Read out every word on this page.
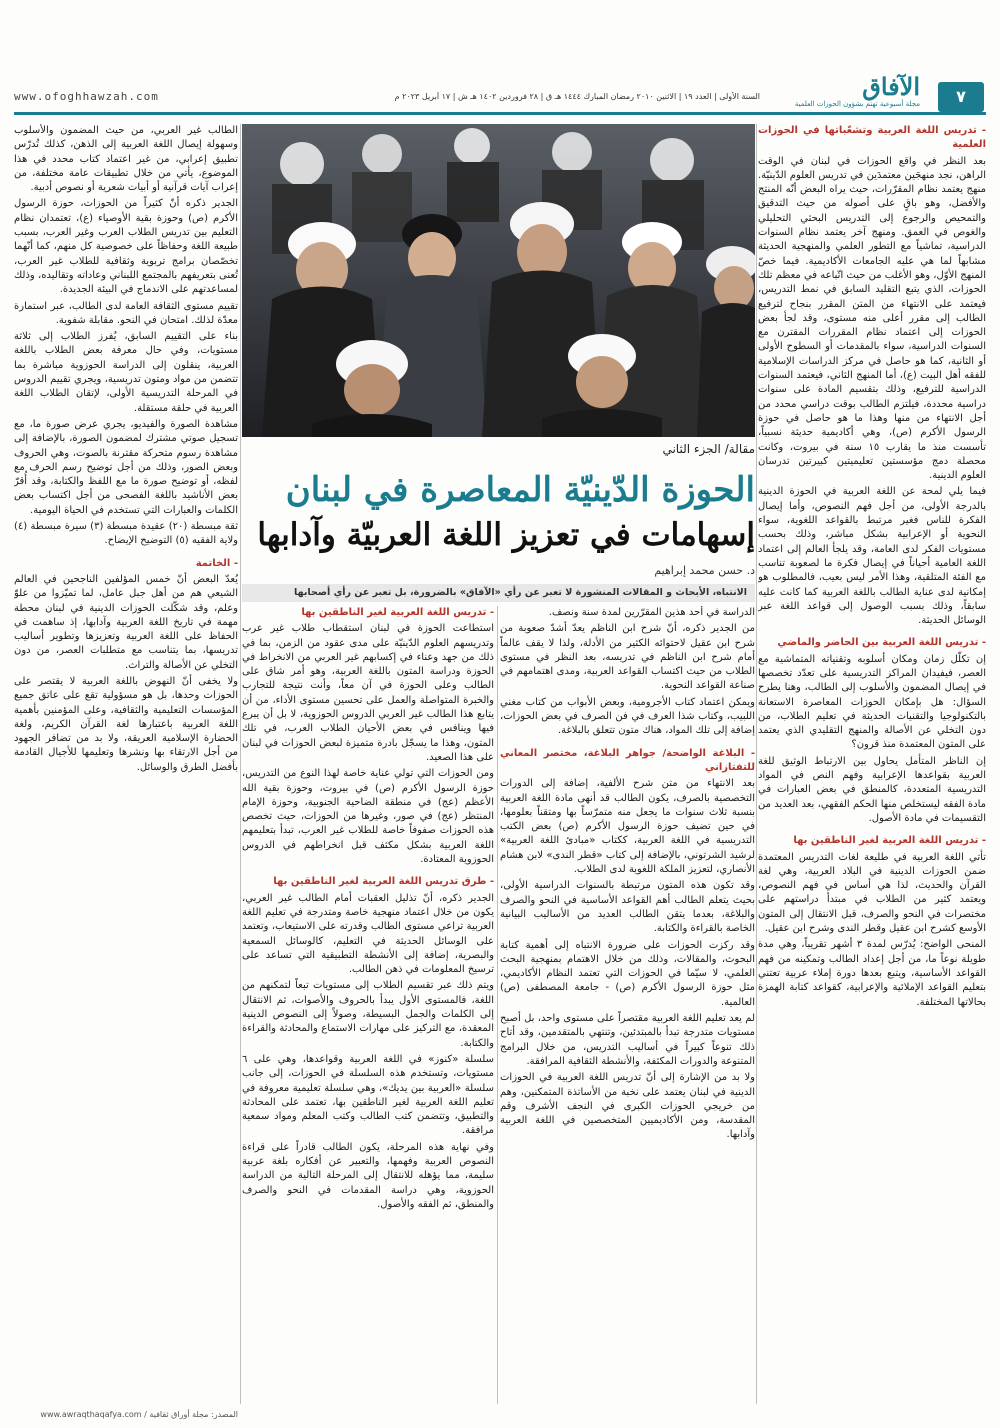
www.ofoghhawzah.com	السنة الأولى | العدد ١٩ | الاثنين ٢٠١٠ رمضان المبارك ١٤٤٤ هـ ق | ٢٨ فروردين ١٤٠٢ هـ ش | ١٧ أبريل ٢٠٢٣ م	الآفاق
مجلة أسبوعية تهتم بشؤون الحوزات العلمية	٧
مقالة/ الجزء الثاني
الحوزة الدّينيّة المعاصرة في لبنان
إسهامات في تعزيز اللغة العربيّة وآدابها
د. حسن محمد إبراهيم
الانتباه، الأبحاث و المقالات المنشورة لا تعبر عن رأي «الآفاق» بالضرورة، بل تعبر عن رأي أصحابها
- تدريس اللغة العربية وتشعّباتها في الحوزات العلمية

بعد النظر في واقع الحوزات في لبنان في الوقت الراهن، نجد منهجَين معتمدَين في تدريس العلوم الدّينيّة. منهج يعتمد نظام المقرّرات، حيث يراه البعض أنّه المنتج والأفضل، وهو باقٍ على أصوله من حيث التدقيق والتمحيص والرجوع إلى التدريس البحثي التحليلي والغوص في العمق. ومنهج آخر يعتمد نظام السنوات الدراسية، تماشياً مع التطور العلمي والمنهجية الحديثة مشابهاً لما هي عليه الجامعات الأكاديمية. فيما خصّ المنهج الأوّل، وهو الأغلب من حيث اتّباعه في معظم تلك الحوزات، الذي يتبع التقليد السابق في نمط التدريس، فيعتمد على الانتهاء من المتن المقرر بنجاح لترفيع الطالب إلى مقرر أعلى منه مستوى، وقد لجأ بعض الحوزات إلى اعتماد نظام المقررات المقترن مع السنوات الدراسية، سواء بالمقدمات أو السطوح الأولى أو الثانية، كما هو حاصل في مركز الدراسات الإسلامية للفقه أهل البيت (ع)، أما المنهج الثاني، فيعتمد السنوات الدراسية للترفيع، وذلك بتقسيم المادة على سنوات دراسية محددة، فيلتزم الطالب بوقت دراسي محدد من أجل الانتهاء من منها وهذا ما هو حاصل في حوزة الرسول الأكرم (ص)، وهي أكاديمية حديثة نسبياً، تأسست منذ ما يقارب ١٥ سنة في بيروت، وكانت محصلة دمج مؤسستين تعليميتين كبيرتين تدرسان العلوم الدينية.

فيما يلي لمحة عن اللغة العربية في الحوزة الدينية بالدرجة الأولى، من أجل فهم النصوص، وأما إيصال الفكرة للناس فغير مرتبط بالقواعد اللغوية، سواء النحوية أو الإعرابية بشكل مباشر، وذلك بحسب مستويات الفكر لدى العامة، وقد يلجأ العالم إلى اعتماد اللغة العامية أحياناً في إيصال فكرة ما لصعوبة تناسب مع الفئة المتلقية، وهذا الأمر ليس بعيب، فالمطلوب هو إمكانية لدى عناية الطالب باللغة العربية كما كانت عليه سابقاً، وذلك بسبب الوصول إلى قواعد اللغة عبر الوسائل الحديثة.

- تدريس اللغة العربية بين الحاضر والماضي

إن تكلّل زمان ومكان أسلوبه وتقنياته المتماشية مع العصر، فيفيدان المراكز التدريسية على تعدّد تخصصها في إيصال المضمون والأسلوب إلى الطالب، وهنا يطرح السؤال: هل بإمكان الحوزات المعاصرة الاستعانة بالتكنولوجيا والتقنيات الحديثة في تعليم الطلاب، من دون التخلي عن الأصالة والمنهج التقليدي الذي يعتمد على المتون المعتمدة منذ قرون؟

إن الناظر المتأمل يحاول بين الارتباط الوثيق للغة العربية بقواعدها الإعرابية وفهم النص في المواد التدريسية المتعددة، كالمنطق في بعض العبارات في مادة الفقه ليستخلص منها الحكم الفقهي، بعد العديد من التقسيمات في مادة الأصول.

- تدريس اللغة العربية لغير الناطقين بها

تأتي اللغة العربية في طليعة لغات التدريس المعتمدة ضمن الحوزات الدينية في البلاد العربية، وهي لغة القرآن والحديث، لذا هي أساس في فهم النصوص، ويعتمد كثير من الطلاب في مبتدأ دراستهم على مختصرات في النحو والصرف، قبل الانتقال إلى المتون الأوسع كشرح ابن عقيل وقطر الندى وشرح ابن عقيل.

المنحى الواضح: يُدرّس لمدة ٣ أشهر تقريباً، وهي مدة طويلة نوعاً ما، من أجل إعداد الطالب وتمكينه من فهم القواعد الأساسية، ويتبع بعدها دورة إملاء عربية تعتني بتعليم القواعد الإملائية والإعرابية، كقواعد كتابة الهمزة بحالاتها المختلفة.

الدراسة في أحد هذين المقرّرين لمدة سنة ونصف.

من الجدير ذكره، أنّ شرح ابن الناظم يعدّ أشدّ صعوبة من شرح ابن عقيل لاحتوائه الكثير من الأدلة، ولذا لا يقف عالماً أمام شرح ابن الناظم في تدريسه، بعد النظر في مستوى الطلاب من حيث اكتساب القواعد العربية، ومدى اهتمامهم في صناعة القواعد النحوية.

ويمكن اعتماد كتاب الأجرومية، وبعض الأبواب من كتاب مغني اللبيب، وكتاب شذا العرف في فن الصرف في بعض الحوزات، إضافة إلى تلك المواد، هناك متون تتعلق بالبلاغة.

- البلاغة الواضحة/ جواهر البلاغة، مختصر المعاني للتفتازاني

بعد الانتهاء من متن شرح الألفية، إضافة إلى الدورات التخصصية بالصرف، يكون الطالب قد أنهى مادة اللغة العربية بنسبة ثلاث سنوات ما يجعل منه متمرّساً بها ومتقناً بعلومها، في حين تضيف حوزة الرسول الأكرم (ص) بعض الكتب التدريسية في اللغة العربية، ككتاب «مبادئ اللغة العربية» لرشيد الشرتوني، بالإضافة إلى كتاب «قطر الندى» لابن هشام الأنصاري، لتعزيز الملكة اللغوية لدى الطلاب.

وقد تكون هذه المتون مرتبطة بالسنوات الدراسية الأولى، بحيث يتعلم الطالب أهم القواعد الأساسية في النحو والصرف والبلاغة، بعدما يتقن الطالب العديد من الأساليب البيانية الخاصة بالقراءة والكتابة.

وقد ركزت الحوزات على ضرورة الانتباه إلى أهمية كتابة البحوث، والمقالات، وذلك من خلال الاهتمام بمنهجية البحث العلمي، لا سيّما في الحوزات التي تعتمد النظام الأكاديمي، مثل حوزة الرسول الأكرم (ص) - جامعة المصطفى (ص) العالمية.

لم يعد تعليم اللغة العربية مقتصراً على مستوى واحد، بل أصبح مستويات متدرجة تبدأ بالمبتدئين، وتنتهي بالمتقدمين، وقد أتاح ذلك تنوعاً كبيراً في أساليب التدريس، من خلال البرامج المتنوعة والدورات المكثفة، والأنشطة الثقافية المرافقة.

ولا بد من الإشارة إلى أنّ تدريس اللغة العربية في الحوزات الدينية في لبنان يعتمد على نخبة من الأساتذة المتمكنين، وهم من خريجي الحوزات الكبرى في النجف الأشرف وقم المقدسة، ومن الأكاديميين المتخصصين في اللغة العربية وآدابها.

- تدريس اللغة العربية لغير الناطقين بها

استطاعت الحوزة في لبنان استقطاب طلاب غير عرب وتدريسهم العلوم الدّينيّة على مدى عقود من الزمن، بما في ذلك من جهد وعناء في إكسابهم غير العربي من الانخراط في الحوزة ودراسة المتون باللغة العربية، وهو أمر شاق على الطالب وعلى الحوزة في آن معاً، وأنت نتيجة للتجارب والخبرة المتواصلة والعمل على تحسين مستوى الأداء، من أن يتابع هذا الطالب غير العربي الدروس الحوزوية، لا بل أن يبرع فيها وينافس في بعض الأحيان الطلاب العرب، في تلك المتون، وهذا ما يسجّل بادرة متميزة لبعض الحوزات في لبنان على هذا الصعيد.

ومن الحوزات التي تولي عناية خاصة لهذا النوع من التدريس، حوزة الرسول الأكرم (ص) في بيروت، وحوزة بقية الله الأعظم (عج) في منطقة الضاحية الجنوبية، وحوزة الإمام المنتظر (عج) في صور، وغيرها من الحوزات، حيث تخصص هذه الحوزات صفوفاً خاصة للطلاب غير العرب، تبدأ بتعليمهم اللغة العربية بشكل مكثف قبل انخراطهم في الدروس الحوزوية المعتادة.

- طرق تدريس اللغة العربية لغير الناطقين بها

الجدير ذكره، أنّ تذليل العقبات أمام الطالب غير العربي، يكون من خلال اعتماد منهجية خاصة ومتدرجة في تعليم اللغة العربية تراعي مستوى الطالب وقدرته على الاستيعاب، وتعتمد على الوسائل الحديثة في التعليم، كالوسائل السمعية والبصرية، إضافة إلى الأنشطة التطبيقية التي تساعد على ترسيخ المعلومات في ذهن الطالب.

ويتم ذلك عبر تقسيم الطلاب إلى مستويات تبعاً لتمكنهم من اللغة، فالمستوى الأول يبدأ بالحروف والأصوات، ثم الانتقال إلى الكلمات والجمل البسيطة، وصولاً إلى النصوص الدينية المعقدة، مع التركيز على مهارات الاستماع والمحادثة والقراءة والكتابة.

سلسلة «كنوز» في اللغة العربية وقواعدها، وهي على ٦ مستويات، وتستخدم هذه السلسلة في الحوزات، إلى جانب سلسلة «العربية بين يديك»، وهي سلسلة تعليمية معروفة في تعليم اللغة العربية لغير الناطقين بها، تعتمد على المحادثة والتطبيق، وتتضمن كتب الطالب وكتب المعلم ومواد سمعية مرافقة.

وفي نهاية هذه المرحلة، يكون الطالب قادراً على قراءة النصوص العربية وفهمها، والتعبير عن أفكاره بلغة عربية سليمة، مما يؤهله للانتقال إلى المرحلة التالية من الدراسة الحوزوية، وهي دراسة المقدمات في النحو والصرف والمنطق، ثم الفقه والأصول.

الطالب غير العربي، من حيث المضمون والأسلوب وسهولة إيصال اللغة العربية إلى الذهن، كذلك تُدرّس تطبيق إعرابي، من غير اعتماد كتاب محدد في هذا الموضوع، يأتي من خلال تطبيقات عامة مختلفة، من إعراب آيات قرآنية أو أبيات شعرية أو نصوص أدبية.

الجدير ذكره أنّ كثيراً من الحوزات، حوزة الرسول الأكرم (ص) وحوزة بقية الأوصياء (ع)، تعتمدان نظام التعليم بين تدريس الطلاب العرب وغير العرب، بسبب طبيعة اللغة وحفاظاً على خصوصية كل منهم، كما أنّهما تخصّصان برامج تربوية وثقافية للطلاب غير العرب، تُعنى بتعريفهم بالمجتمع اللبناني وعاداته وتقاليده، وذلك لمساعدتهم على الاندماج في البيئة الجديدة.

تقييم مستوى الثقافة العامة لدى الطالب، عبر استمارة معدّة لذلك. امتحان في النحو. مقابلة شفوية.

بناء على التقييم السابق، يُفرز الطلاب إلى ثلاثة مستويات، وفي حال معرفة بعض الطلاب باللغة العربية، ينقلون إلى الدراسة الحوزوية مباشرة بما تتضمن من مواد ومتون تدريسية، ويجري تقييم الدروس في المرحلة التدريسية الأولى، لإتقان الطلاب اللغة العربية في حلقة مستقلة.

مشاهدة الصورة والفيديو، يجري عرض صورة ما، مع تسجيل صوتي مشترك لمضمون الصورة، بالإضافة إلى مشاهدة رسوم متحركة مقترنة بالصوت، وهي الحروف وبعض الصور، وذلك من أجل توضيح رسم الحرف مع لفظه، أو توضيح صورة ما مع اللفظ والكتابة، وقد أُقرّ بعض الأناشيد باللغة الفصحى من أجل اكتساب بعض الكلمات والعبارات التي تستخدم في الحياة اليومية.

ثقة مبسطة (٢٠) عقيدة مبسطة (٣) سيرة مبسطة (٤) ولاية الفقيه (٥) التوضيح الإيضاح.

- الخاتمة

يُعدّ البعض أنّ خمس المؤلفين الناجحين في العالم الشيعي هم من أهل جبل عامل، لما تميّزوا من علوّ وعلم، وقد شكّلت الحوزات الدينية في لبنان محطة مهمة في تاريخ اللغة العربية وآدابها، إذ ساهمت في الحفاظ على اللغة العربية وتعزيزها وتطوير أساليب تدريسها، بما يتناسب مع متطلبات العصر، من دون التخلي عن الأصالة والتراث.

ولا يخفى أنّ النهوض باللغة العربية لا يقتصر على الحوزات وحدها، بل هو مسؤولية تقع على عاتق جميع المؤسسات التعليمية والثقافية، وعلى المؤمنين بأهمية اللغة العربية باعتبارها لغة القرآن الكريم، ولغة الحضارة الإسلامية العريقة، ولا بد من تضافر الجهود من أجل الارتقاء بها ونشرها وتعليمها للأجيال القادمة بأفضل الطرق والوسائل.

المصدر: مجلة أوراق ثقافية / www.awraqthaqafya.com
